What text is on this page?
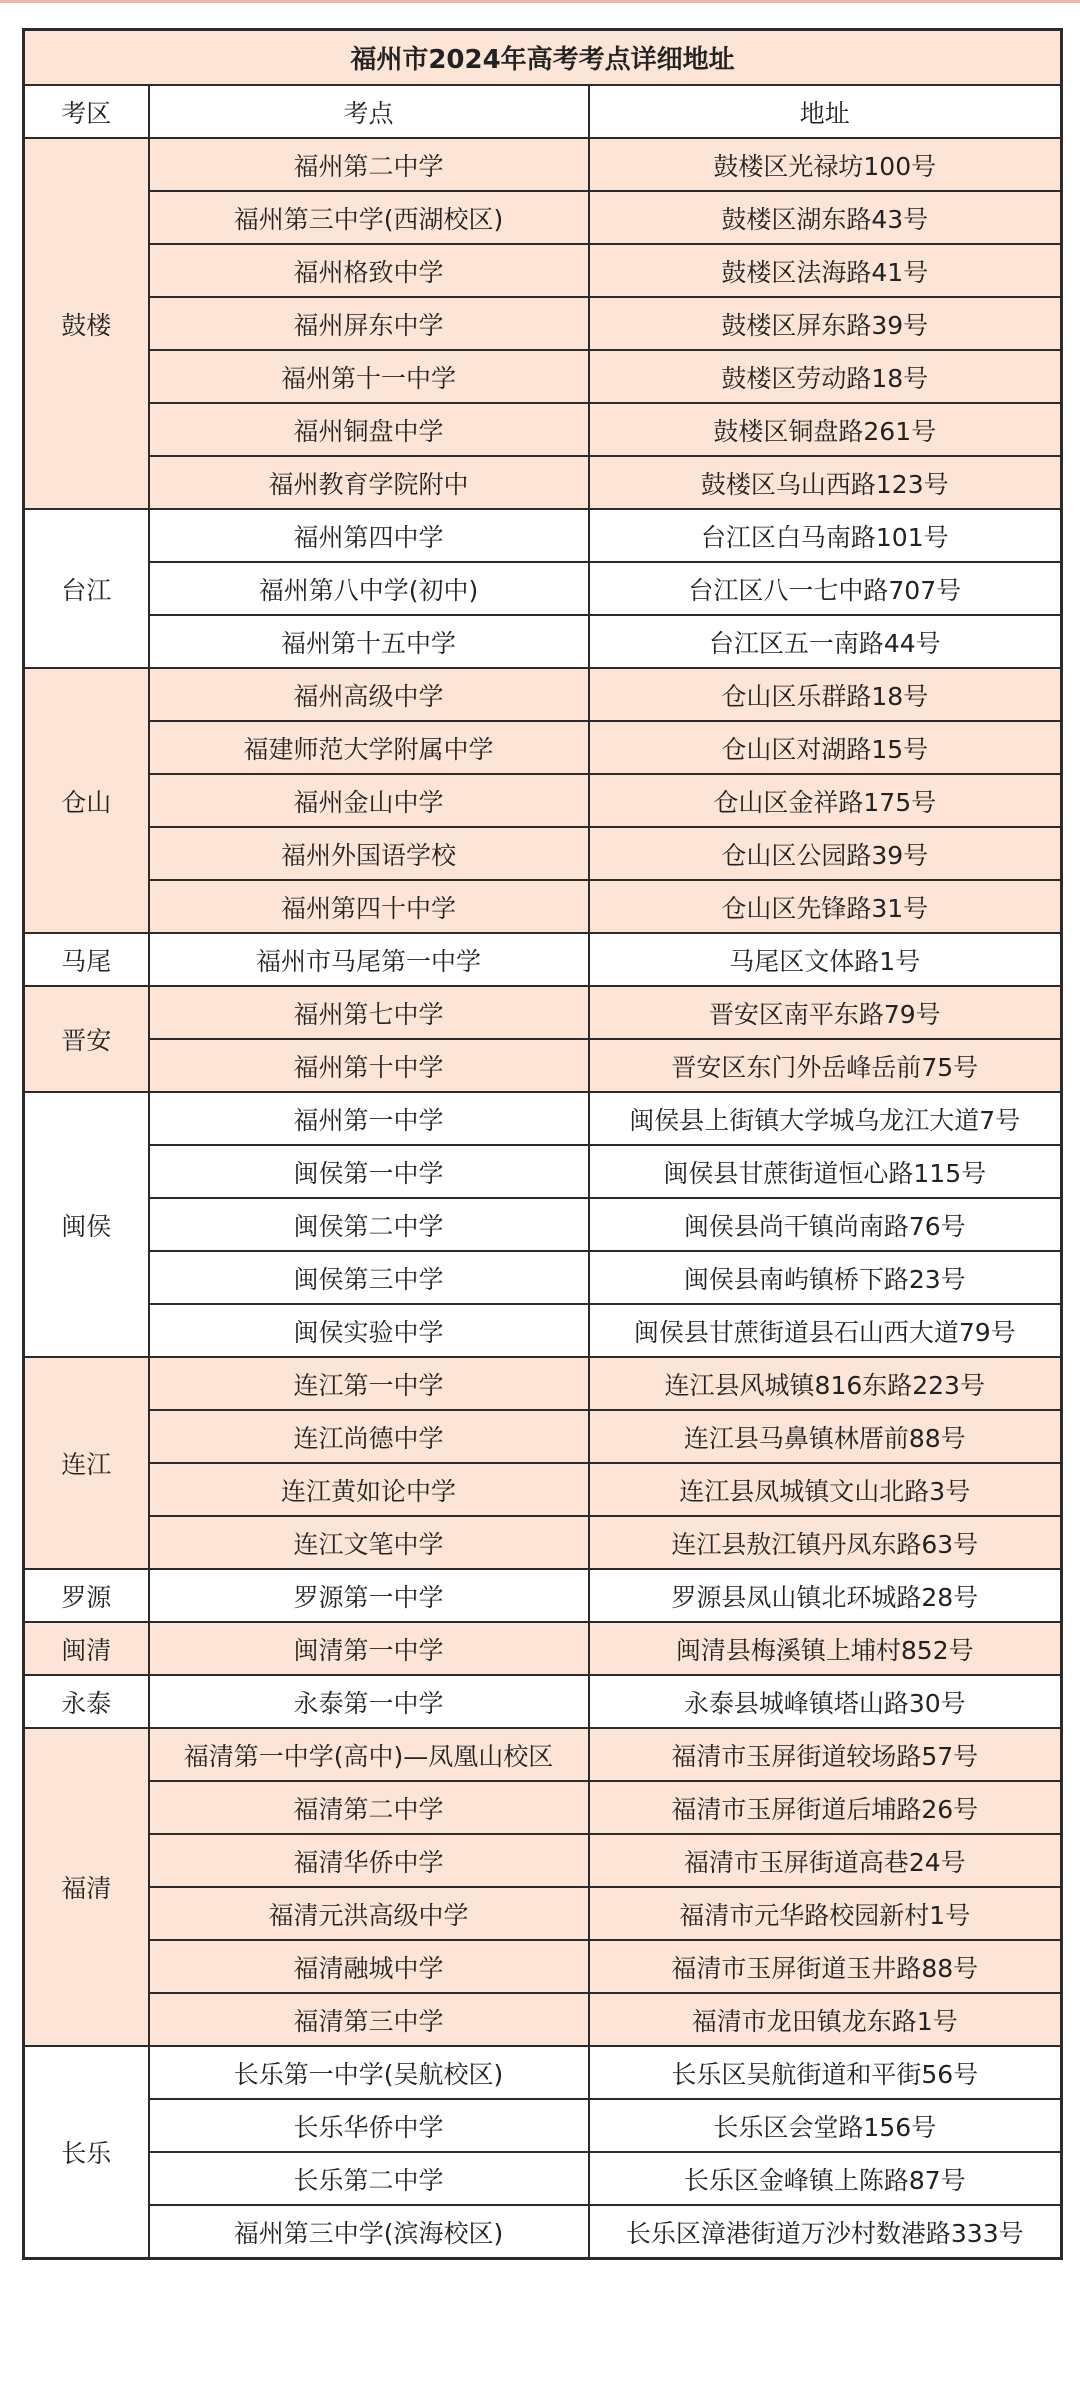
福州市2024年高考考点详细地址		
考区	考点	地址
鼓楼	福州第二中学	鼓楼区光禄坊100号
	福州第三中学(西湖校区)	鼓楼区湖东路43号
	福州格致中学	鼓楼区法海路41号
	福州屏东中学	鼓楼区屏东路39号
	福州第十一中学	鼓楼区劳动路18号
	福州铜盘中学	鼓楼区铜盘路261号
	福州教育学院附中	鼓楼区乌山西路123号
台江	福州第四中学	台江区白马南路101号
	福州第八中学(初中)	台江区八一七中路707号
	福州第十五中学	台江区五一南路44号
仓山	福州高级中学	仓山区乐群路18号
	福建师范大学附属中学	仓山区对湖路15号
	福州金山中学	仓山区金祥路175号
	福州外国语学校	仓山区公园路39号
	福州第四十中学	仓山区先锋路31号
马尾	福州市马尾第一中学	马尾区文体路1号
晋安	福州第七中学	晋安区南平东路79号
	福州第十中学	晋安区东门外岳峰岳前75号
闽侯	福州第一中学	闽侯县上街镇大学城乌龙江大道7号
	闽侯第一中学	闽侯县甘蔗街道恒心路115号
	闽侯第二中学	闽侯县尚干镇尚南路76号
	闽侯第三中学	闽侯县南屿镇桥下路23号
	闽侯实验中学	闽侯县甘蔗街道县石山西大道79号
连江	连江第一中学	连江县风城镇816东路223号
	连江尚德中学	连江县马鼻镇林厝前88号
	连江黄如论中学	连江县凤城镇文山北路3号
	连江文笔中学	连江县敖江镇丹凤东路63号
罗源	罗源第一中学	罗源县凤山镇北环城路28号
闽清	闽清第一中学	闽清县梅溪镇上埔村852号
永泰	永泰第一中学	永泰县城峰镇塔山路30号
福清	福清第一中学(高中)—凤凰山校区	福清市玉屏街道较场路57号
	福清第二中学	福清市玉屏街道后埔路26号
	福清华侨中学	福清市玉屏街道高巷24号
	福清元洪高级中学	福清市元华路校园新村1号
	福清融城中学	福清市玉屏街道玉井路88号
	福清第三中学	福清市龙田镇龙东路1号
长乐	长乐第一中学(吴航校区)	长乐区吴航街道和平街56号
	长乐华侨中学	长乐区会堂路156号
	长乐第二中学	长乐区金峰镇上陈路87号
	福州第三中学(滨海校区)	长乐区漳港街道万沙村数港路333号
